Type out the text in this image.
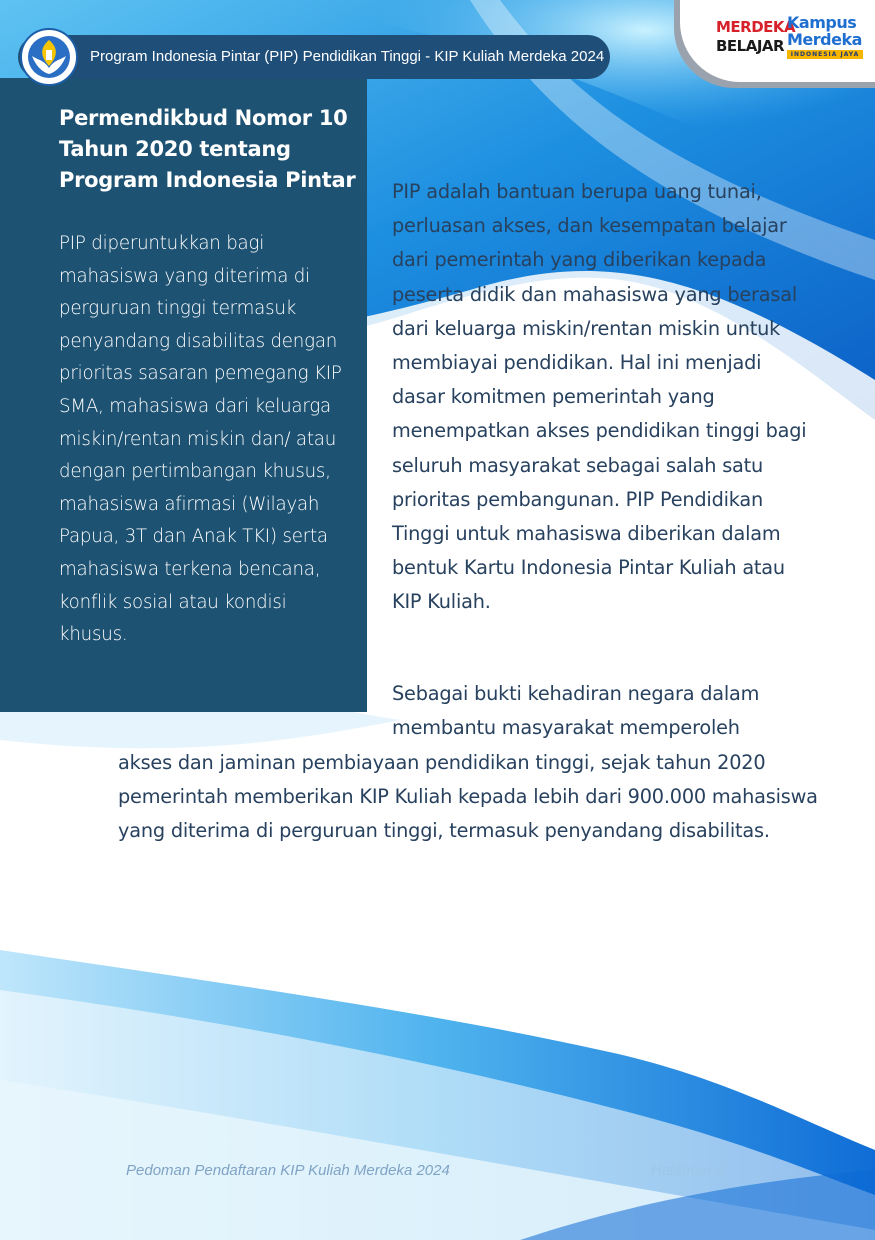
Program Indonesia Pintar (PIP) Pendidikan Tinggi - KIP Kuliah Merdeka 2024
MERDEKA
BELAJAR
Kampus
Merdeka
INDONESIA JAYA
Permendikbud Nomor 10 Tahun 2020 tentang Program Indonesia Pintar
PIP diperuntukkan bagi mahasiswa yang diterima di perguruan tinggi termasuk penyandang disabilitas dengan prioritas sasaran pemegang KIP SMA, mahasiswa dari keluarga miskin/rentan miskin dan/ atau dengan pertimbangan khusus, mahasiswa afirmasi (Wilayah Papua, 3T dan Anak TKI) serta mahasiswa terkena bencana, konflik sosial atau kondisi khusus.
PIP adalah bantuan berupa uang tunai, perluasan akses, dan kesempatan belajar dari pemerintah yang diberikan kepada peserta didik dan mahasiswa yang berasal dari keluarga miskin/rentan miskin untuk membiayai pendidikan. Hal ini menjadi dasar komitmen pemerintah yang menempatkan akses pendidikan tinggi bagi seluruh masyarakat sebagai salah satu prioritas pembangunan. PIP Pendidikan Tinggi untuk mahasiswa diberikan dalam bentuk Kartu Indonesia Pintar Kuliah atau KIP Kuliah.
Sebagai bukti kehadiran negara dalam membantu masyarakat memperoleh
akses dan jaminan pembiayaan pendidikan tinggi, sejak tahun 2020 pemerintah memberikan KIP Kuliah kepada lebih dari 900.000 mahasiswa yang diterima di perguruan tinggi, termasuk penyandang disabilitas.
Pedoman Pendaftaran KIP Kuliah Merdeka 2024	Halaman 4
